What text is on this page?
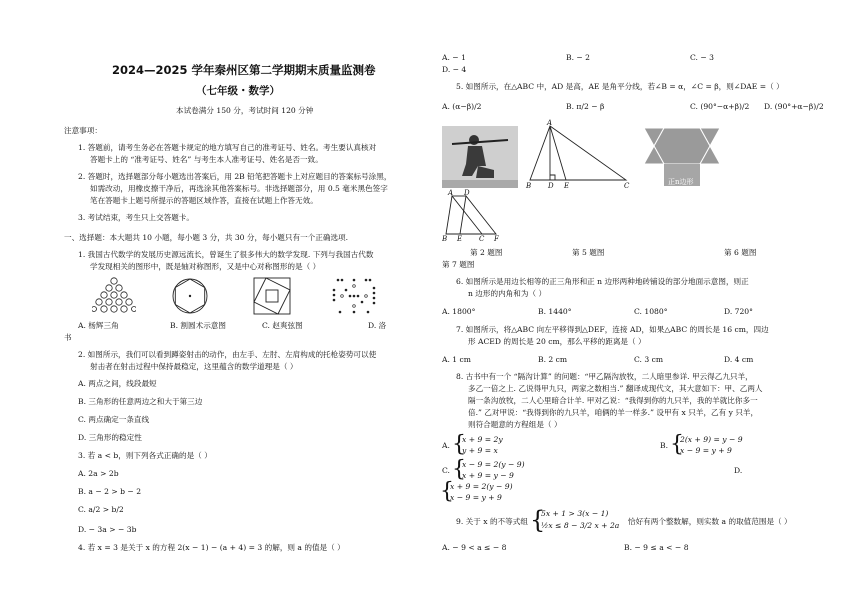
2024—2025 学年秦州区第二学期期末质量监测卷
（七年级・数学）
本试卷满分 150 分，考试时间 120 分钟
注意事项：
1. 答题前，请考生务必在答题卡规定的地方填写自己的准考证号、姓名。考生要认真核对
答题卡上的 “准考证号、姓名” 与考生本人准考证号、姓名是否一致。
2. 答题时，选择题部分每小题选出答案后，用 2B 铅笔把答题卡上对应题目的答案标号涂黑，
如需改动，用橡皮擦干净后，再选涂其他答案标号。非选择题部分，用 0.5 毫米黑色签字
笔在答题卡上题号所提示的答题区域作答，直接在试题上作答无效。
3. 考试结束，考生只上交答题卡。
一、选择题：本大题共 10 小题，每小题 3 分，共 30 分，每小题只有一个正确选项.
1. 我国古代数学的发展历史源远流长，曾诞生了很多伟大的数学发现. 下列与我国古代数
学发现相关的图形中，既是轴对称图形，又是中心对称图形的是（ ）
A. 杨辉三角	B. 割圆术示意图	C. 赵爽弦图	D. 洛
书
2. 如图所示，我们可以看到蹲姿射击的动作，由左手、左肘、左肩构成的托枪姿势可以使
射击者在射击过程中保持最稳定，这里蕴含的数学道理是（ ）
A. 两点之间，线段最短
B. 三角形的任意两边之和大于第三边
C. 两点确定一条直线
D. 三角形的稳定性
3. 若 a < b，则下列各式正确的是（ ）
A. 2a > 2b
B. a − 2 > b − 2
C. a/2 > b/2
D. − 3a > − 3b
4. 若 x = 3 是关于 x 的方程 2(x − 1) − (a + 4) = 3 的解，则 a 的值是（ ）
A. − 1	B. − 2	C. − 3
D. − 4
5. 如图所示，在△ABC 中，AD 是高，AE 是角平分线，若∠B = α，∠C = β，则∠DAE =（ ）
A. (α−β)/2	B. π/2 − β	C. (90°−α+β)/2 D. (90°+α−β)/2
A
B D E	C	正n边形
A D
B E C F
第 2 题图	第 5 题图	第 6 题图
第 7 题图
6. 如图所示是用边长相等的正三角形和正 n 边形两种地砖铺设的部分地面示意图，则正
n 边形的内角和为（ ）
A. 1800°	B. 1440°	C. 1080°	D. 720°
7. 如图所示，将△ABC 向左平移得到△DEF，连接 AD，如果△ABC 的周长是 16 cm，四边
形 ACED 的周长是 20 cm，那么平移的距离是（ ）
A. 1 cm	B. 2 cm	C. 3 cm	D. 4 cm
8. 古书中有一个 “隔沟计算” 的问题：“甲乙隔沟放牧，二人暗里参详. 甲云得乙九只羊，
多乙一倍之上. 乙说得甲九只，两家之数相当.” 翻译成现代文，其大意如下：甲、乙两人
隔一条沟放牧，二人心里暗合计羊. 甲对乙说：“我得到你的九只羊，我的羊就比你多一
倍.” 乙对甲说：“我得到你的九只羊，咱俩的羊一样多.” 设甲有 x 只羊，乙有 y 只羊，
则符合题意的方程组是（ ）
A. {
x + 9 = 2y
y + 9 = x
B. {
2(x + 9) = y − 9
x − 9 = y + 9
C. {
x − 9 = 2(y − 9)
x + 9 = y − 9
D.
{
x + 9 = 2(y − 9)
x − 9 = y + 9
9. 关于 x 的不等式组 {
5x + 1 > 3(x − 1)
½x ≤ 8 − 3/2 x + 2a 恰好有两个整数解，则实数 a 的取值范围是（ ）
A. − 9 < a ≤ − 8	B. − 9 ≤ a < − 8
